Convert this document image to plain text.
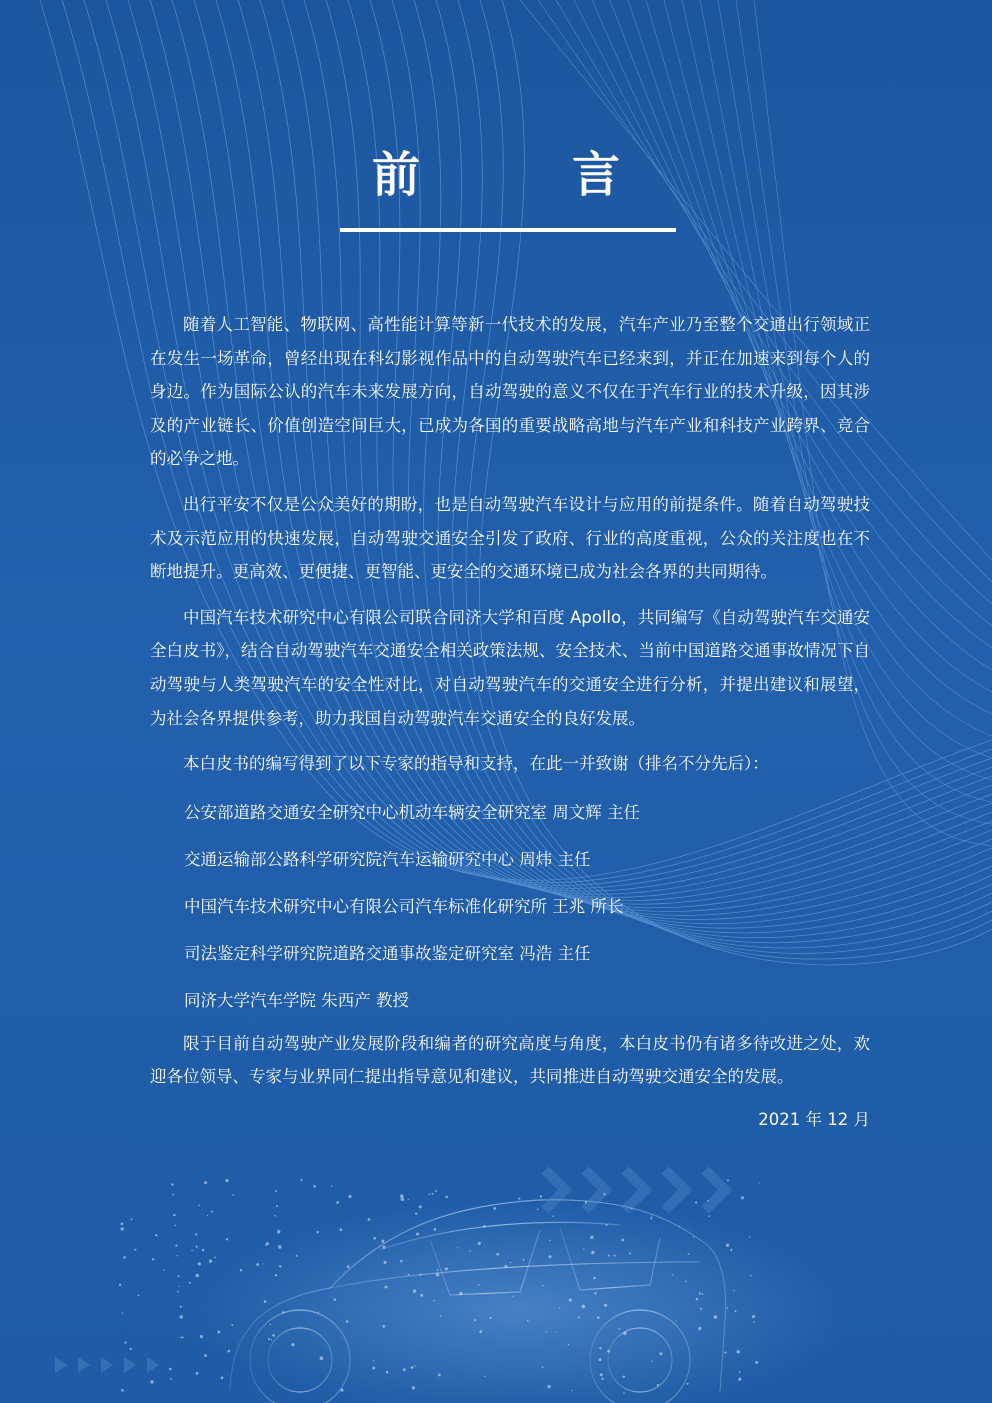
前　言

随着人工智能、物联网、高性能计算等新一代技术的发展，汽车产业乃至整个交通出行领域正在发生一场革命，曾经出现在科幻影视作品中的自动驾驶汽车已经来到，并正在加速来到每个人的身边。作为国际公认的汽车未来发展方向，自动驾驶的意义不仅在于汽车行业的技术升级，因其涉及的产业链长、价值创造空间巨大，已成为各国的重要战略高地与汽车产业和科技产业跨界、竞合的必争之地。

出行平安不仅是公众美好的期盼，也是自动驾驶汽车设计与应用的前提条件。随着自动驾驶技术及示范应用的快速发展，自动驾驶交通安全引发了政府、行业的高度重视，公众的关注度也在不断地提升。更高效、更便捷、更智能、更安全的交通环境已成为社会各界的共同期待。

中国汽车技术研究中心有限公司联合同济大学和百度 Apollo，共同编写《自动驾驶汽车交通安全白皮书》，结合自动驾驶汽车交通安全相关政策法规、安全技术、当前中国道路交通事故情况下自动驾驶与人类驾驶汽车的安全性对比，对自动驾驶汽车的交通安全进行分析，并提出建议和展望，为社会各界提供参考，助力我国自动驾驶汽车交通安全的良好发展。

本白皮书的编写得到了以下专家的指导和支持，在此一并致谢（排名不分先后）：

公安部道路交通安全研究中心机动车辆安全研究室 周文辉 主任

交通运输部公路科学研究院汽车运输研究中心 周炜 主任

中国汽车技术研究中心有限公司汽车标准化研究所 王兆 所长

司法鉴定科学研究院道路交通事故鉴定研究室 冯浩 主任

同济大学汽车学院 朱西产 教授

限于目前自动驾驶产业发展阶段和编者的研究高度与角度，本白皮书仍有诸多待改进之处，欢迎各位领导、专家与业界同仁提出指导意见和建议，共同推进自动驾驶交通安全的发展。

2021 年 12 月
